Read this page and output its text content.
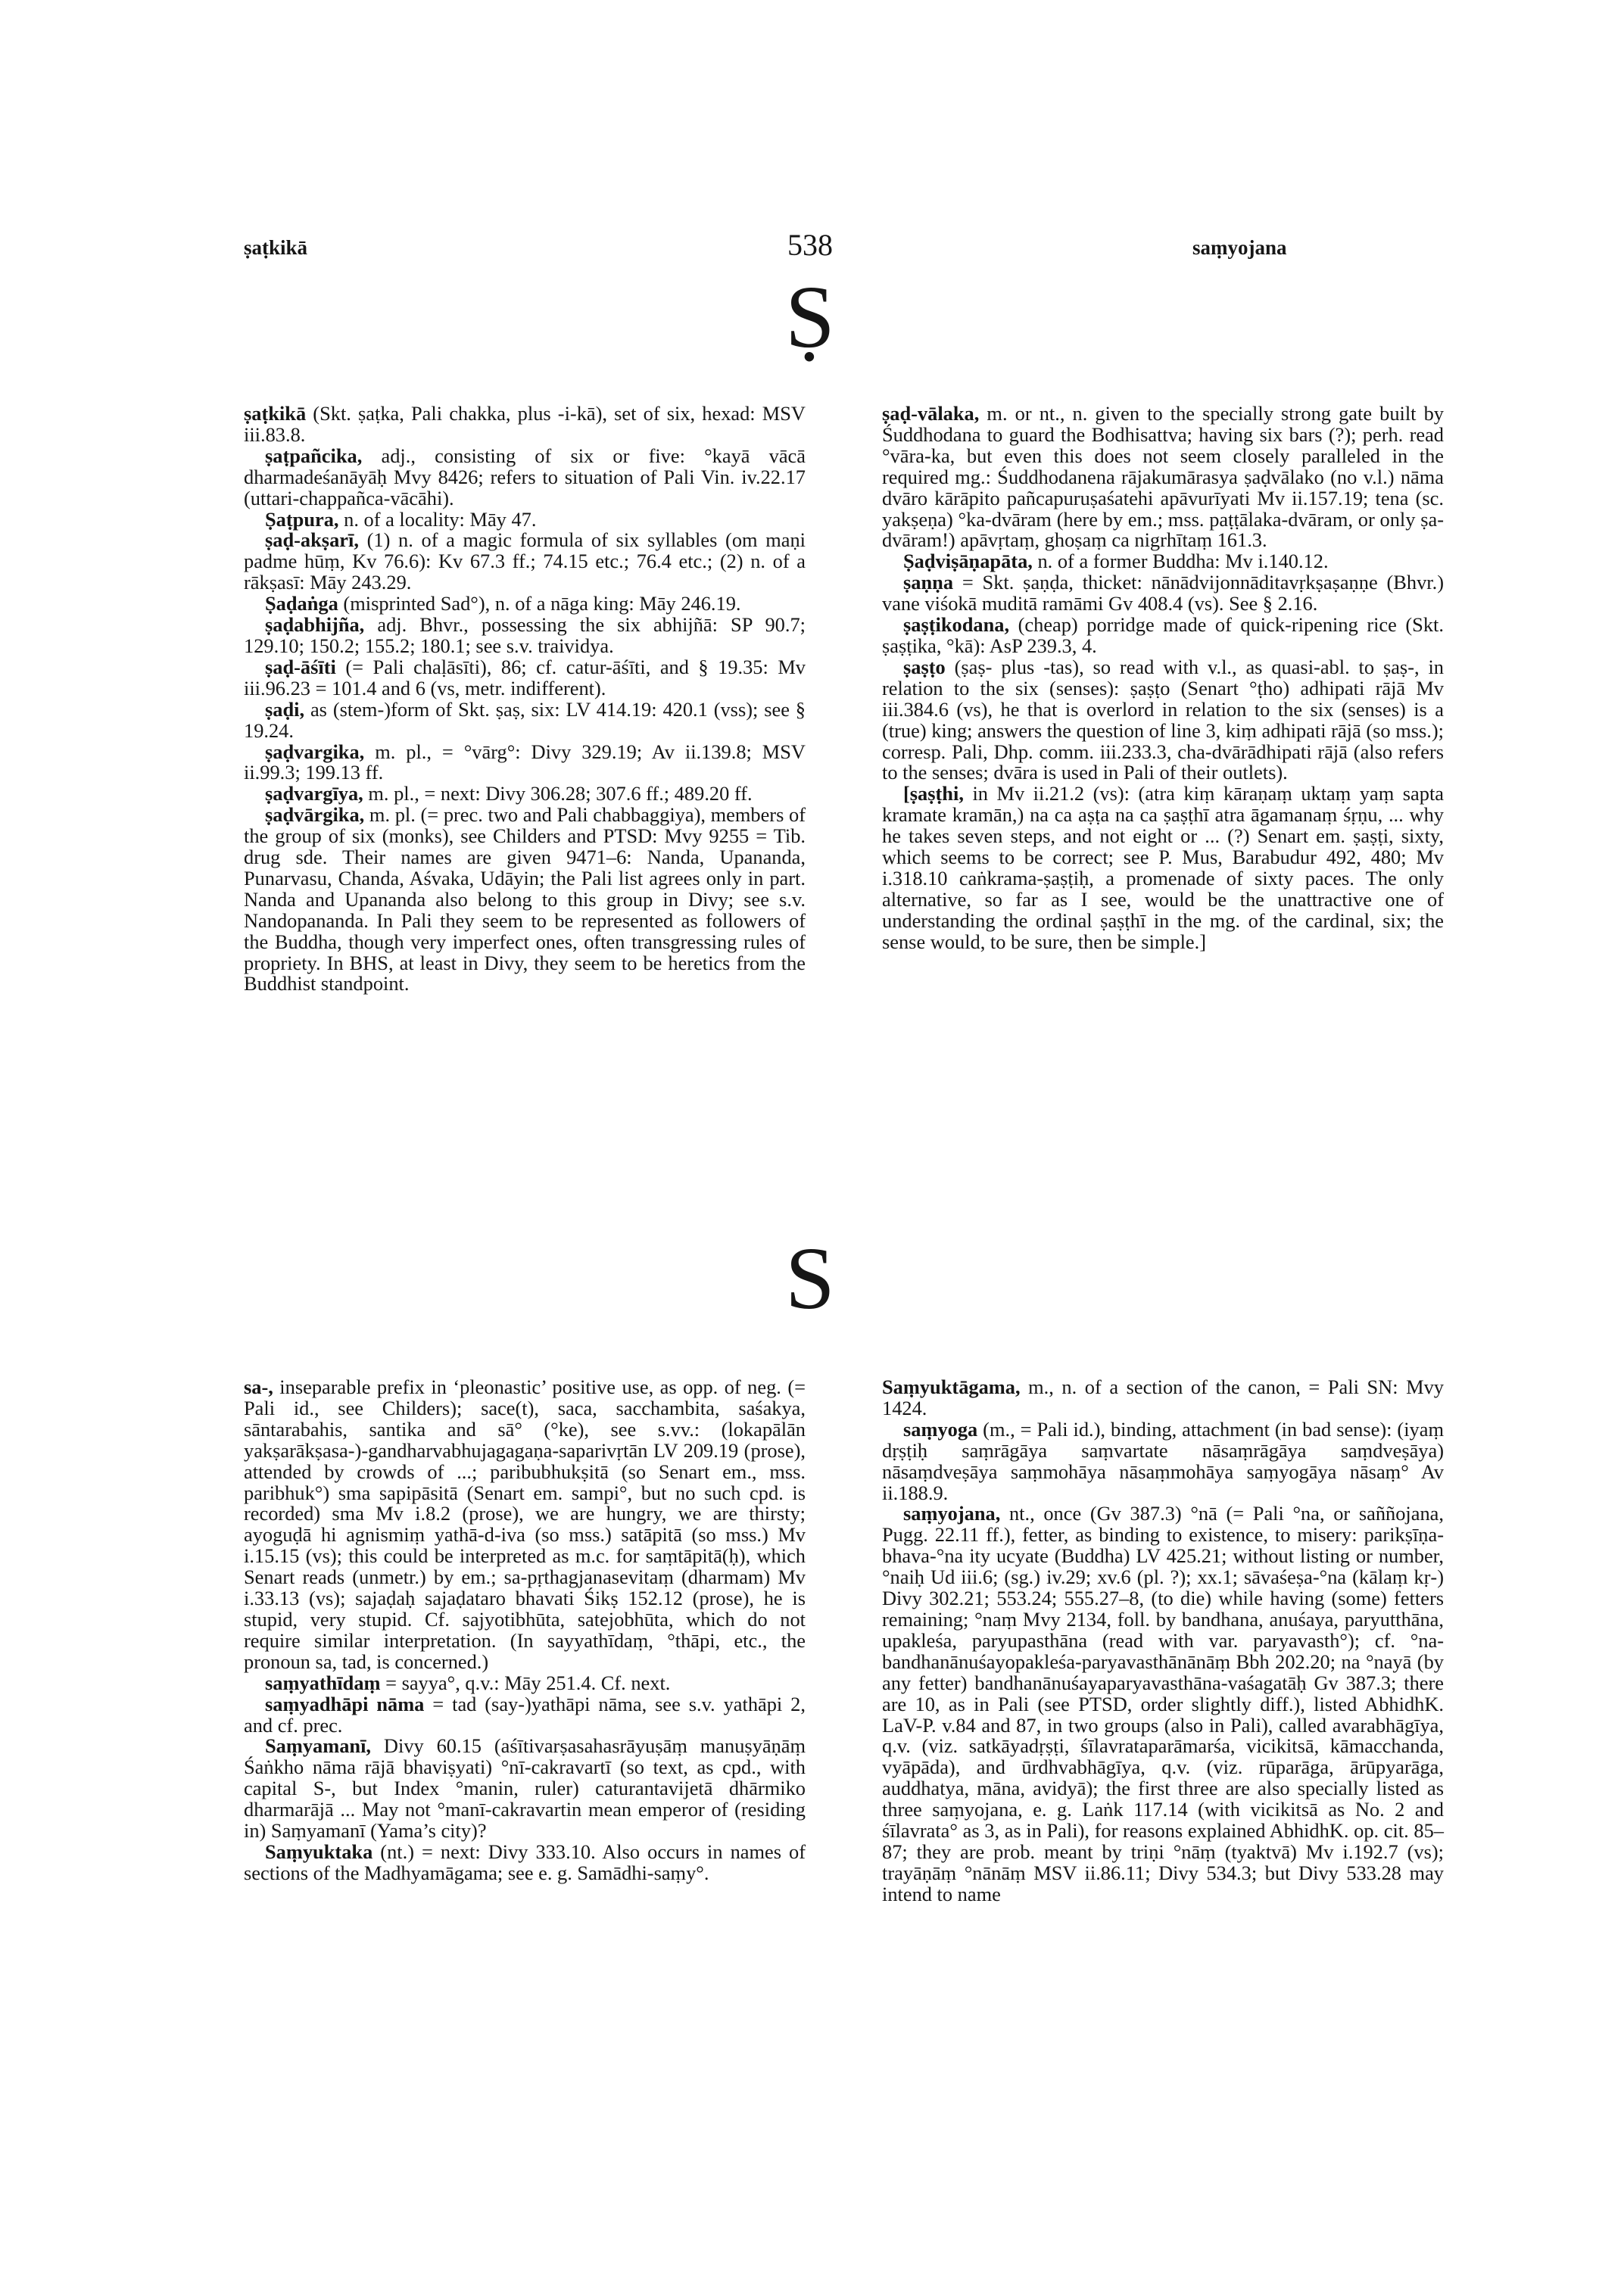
ṣaṭkikā	538	saṃyojana
Ṣ
S

ṣaṭkikā (Skt. ṣaṭka, Pali chakka, plus -i-kā), set of six, hexad: MSV iii.83.8.

ṣaṭpañcika, adj., consisting of six or five: °kayā vācā dharmadeśanāyāḥ Mvy 8426; refers to situation of Pali Vin. iv.22.17 (uttari-chappañca-vācāhi).

Ṣaṭpura, n. of a locality: Māy 47.

ṣaḍ-akṣarī, (1) n. of a magic formula of six syllables (om maṇi padme hūṃ, Kv 76.6): Kv 67.3 ff.; 74.15 etc.; 76.4 etc.; (2) n. of a rākṣasī: Māy 243.29.

Ṣaḍaṅga (misprinted Sad°), n. of a nāga king: Māy 246.19.

ṣaḍabhijña, adj. Bhvr., possessing the six abhijñā: SP 90.7; 129.10; 150.2; 155.2; 180.1; see s.v. traividya.

ṣaḍ-āśīti (= Pali chaḷāsīti), 86; cf. catur-āśīti, and § 19.35: Mv iii.96.23 = 101.4 and 6 (vs, metr. indifferent).

ṣaḍi, as (stem-)form of Skt. ṣaṣ, six: LV 414.19: 420.1 (vss); see § 19.24.

ṣaḍvargika, m. pl., = °vārg°: Divy 329.19; Av ii.139.8; MSV ii.99.3; 199.13 ff.

ṣaḍvargīya, m. pl., = next: Divy 306.28; 307.6 ff.; 489.20 ff.

ṣaḍvārgika, m. pl. (= prec. two and Pali chabbaggiya), members of the group of six (monks), see Childers and PTSD: Mvy 9255 = Tib. drug sde. Their names are given 9471–6: Nanda, Upananda, Punarvasu, Chanda, Aśvaka, Udāyin; the Pali list agrees only in part. Nanda and Upananda also belong to this group in Divy; see s.v. Nandopananda. In Pali they seem to be represented as followers of the Buddha, though very imperfect ones, often transgressing rules of propriety. In BHS, at least in Divy, they seem to be heretics from the Buddhist standpoint.

ṣaḍ-vālaka, m. or nt., n. given to the specially strong gate built by Śuddhodana to guard the Bodhisattva; having six bars (?); perh. read °vāra-ka, but even this does not seem closely paralleled in the required mg.: Śuddhodanena rājakumārasya ṣaḍvālako (no v.l.) nāma dvāro kārāpito pañcapuruṣaśatehi apāvurīyati Mv ii.157.19; tena (sc. yakṣeṇa) °ka-dvāram (here by em.; mss. paṭṭālaka-dvāram, or only ṣa-dvāram!) apāvṛtaṃ, ghoṣaṃ ca nigrhītaṃ 161.3.

Ṣaḍviṣāṇapāta, n. of a former Buddha: Mv i.140.12.

ṣaṇṇa = Skt. ṣaṇḍa, thicket: nānādvijonnāditavṛkṣaṣaṇṇe (Bhvr.) vane viśokā muditā ramāmi Gv 408.4 (vs). See § 2.16.

ṣaṣṭikodana, (cheap) porridge made of quick-ripening rice (Skt. ṣaṣṭika, °kā): AsP 239.3, 4.

ṣaṣṭo (ṣaṣ- plus -tas), so read with v.l., as quasi-abl. to ṣaṣ-, in relation to the six (senses): ṣaṣṭo (Senart °ṭho) adhipati rājā Mv iii.384.6 (vs), he that is overlord in relation to the six (senses) is a (true) king; answers the question of line 3, kiṃ adhipati rājā (so mss.); corresp. Pali, Dhp. comm. iii.233.3, cha-dvārādhipati rājā (also refers to the senses; dvāra is used in Pali of their outlets).

[ṣaṣṭhi, in Mv ii.21.2 (vs): (atra kiṃ kāraṇaṃ uktaṃ yaṃ sapta kramate kramān,) na ca aṣṭa na ca ṣaṣṭhī atra āgamanaṃ śṛṇu, ... why he takes seven steps, and not eight or ... (?) Senart em. ṣaṣṭi, sixty, which seems to be correct; see P. Mus, Barabudur 492, 480; Mv i.318.10 caṅkrama-ṣaṣṭiḥ, a promenade of sixty paces. The only alternative, so far as I see, would be the unattractive one of understanding the ordinal ṣaṣṭhī in the mg. of the cardinal, six; the sense would, to be sure, then be simple.]

sa-, inseparable prefix in ‘pleonastic’ positive use, as opp. of neg. (= Pali id., see Childers); sace(t), saca, sacchambita, saśakya, sāntarabahis, santika and sā° (°ke), see s.vv.: (lokapālān yakṣarākṣasa-)-gandharvabhujagagaṇa-saparivṛtān LV 209.19 (prose), attended by crowds of ...; paribubhukṣitā (so Senart em., mss. paribhuk°) sma sapipāsitā (Senart em. sampi°, but no such cpd. is recorded) sma Mv i.8.2 (prose), we are hungry, we are thirsty; ayoguḍā hi agnismiṃ yathā-d-iva (so mss.) satāpitā (so mss.) Mv i.15.15 (vs); this could be interpreted as m.c. for saṃtāpitā(ḥ), which Senart reads (unmetr.) by em.; sa-pṛthagjanasevitaṃ (dharmam) Mv i.33.13 (vs); sajaḍaḥ sajaḍataro bhavati Śikṣ 152.12 (prose), he is stupid, very stupid. Cf. sajyotibhūta, satejobhūta, which do not require similar interpretation. (In sayyathīdaṃ, °thāpi, etc., the pronoun sa, tad, is concerned.)

saṃyathīdaṃ = sayya°, q.v.: Māy 251.4. Cf. next.

saṃyadhāpi nāma = tad (say-)yathāpi nāma, see s.v. yathāpi 2, and cf. prec.

Saṃyamanī, Divy 60.15 (aśītivarṣasahasrāyuṣāṃ manuṣyāṇāṃ Śaṅkho nāma rājā bhaviṣyati) °nī-cakravartī (so text, as cpd., with capital S-, but Index °manin, ruler) caturantavijetā dhārmiko dharmarājā ... May not °manī-cakravartin mean emperor of (residing in) Saṃyamanī (Yama’s city)?

Saṃyuktaka (nt.) = next: Divy 333.10. Also occurs in names of sections of the Madhyamāgama; see e. g. Samādhi-saṃy°.

Saṃyuktāgama, m., n. of a section of the canon, = Pali SN: Mvy 1424.

saṃyoga (m., = Pali id.), binding, attachment (in bad sense): (iyaṃ dṛṣṭiḥ saṃrāgāya saṃvartate nāsaṃrāgāya saṃdveṣāya) nāsaṃdveṣāya saṃmohāya nāsaṃmohāya saṃyogāya nāsaṃ° Av ii.188.9.

saṃyojana, nt., once (Gv 387.3) °nā (= Pali °na, or saññojana, Pugg. 22.11 ff.), fetter, as binding to existence, to misery: parikṣīṇa-bhava-°na ity ucyate (Buddha) LV 425.21; without listing or number, °naiḥ Ud iii.6; (sg.) iv.29; xv.6 (pl. ?); xx.1; sāvaśeṣa-°na (kālaṃ kṛ-) Divy 302.21; 553.24; 555.27–8, (to die) while having (some) fetters remaining; °naṃ Mvy 2134, foll. by bandhana, anuśaya, paryutthāna, upakleśa, paryupasthāna (read with var. paryavasth°); cf. °na-bandhanānuśayopakleśa-paryavasthānānāṃ Bbh 202.20; na °nayā (by any fetter) bandhanānuśayaparyavasthāna-vaśagatāḥ Gv 387.3; there are 10, as in Pali (see PTSD, order slightly diff.), listed AbhidhK. LaV-P. v.84 and 87, in two groups (also in Pali), called avarabhāgīya, q.v. (viz. satkāyadṛṣṭi, śīlavrataparāmarśa, vicikitsā, kāmacchanda, vyāpāda), and ūrdhvabhāgīya, q.v. (viz. rūparāga, ārūpyarāga, auddhatya, māna, avidyā); the first three are also specially listed as three saṃyojana, e. g. Laṅk 117.14 (with vicikitsā as No. 2 and śīlavrata° as 3, as in Pali), for reasons explained AbhidhK. op. cit. 85–87; they are prob. meant by triṇi °nāṃ (tyaktvā) Mv i.192.7 (vs); trayāṇāṃ °nānāṃ MSV ii.86.11; Divy 534.3; but Divy 533.28 may intend to name
